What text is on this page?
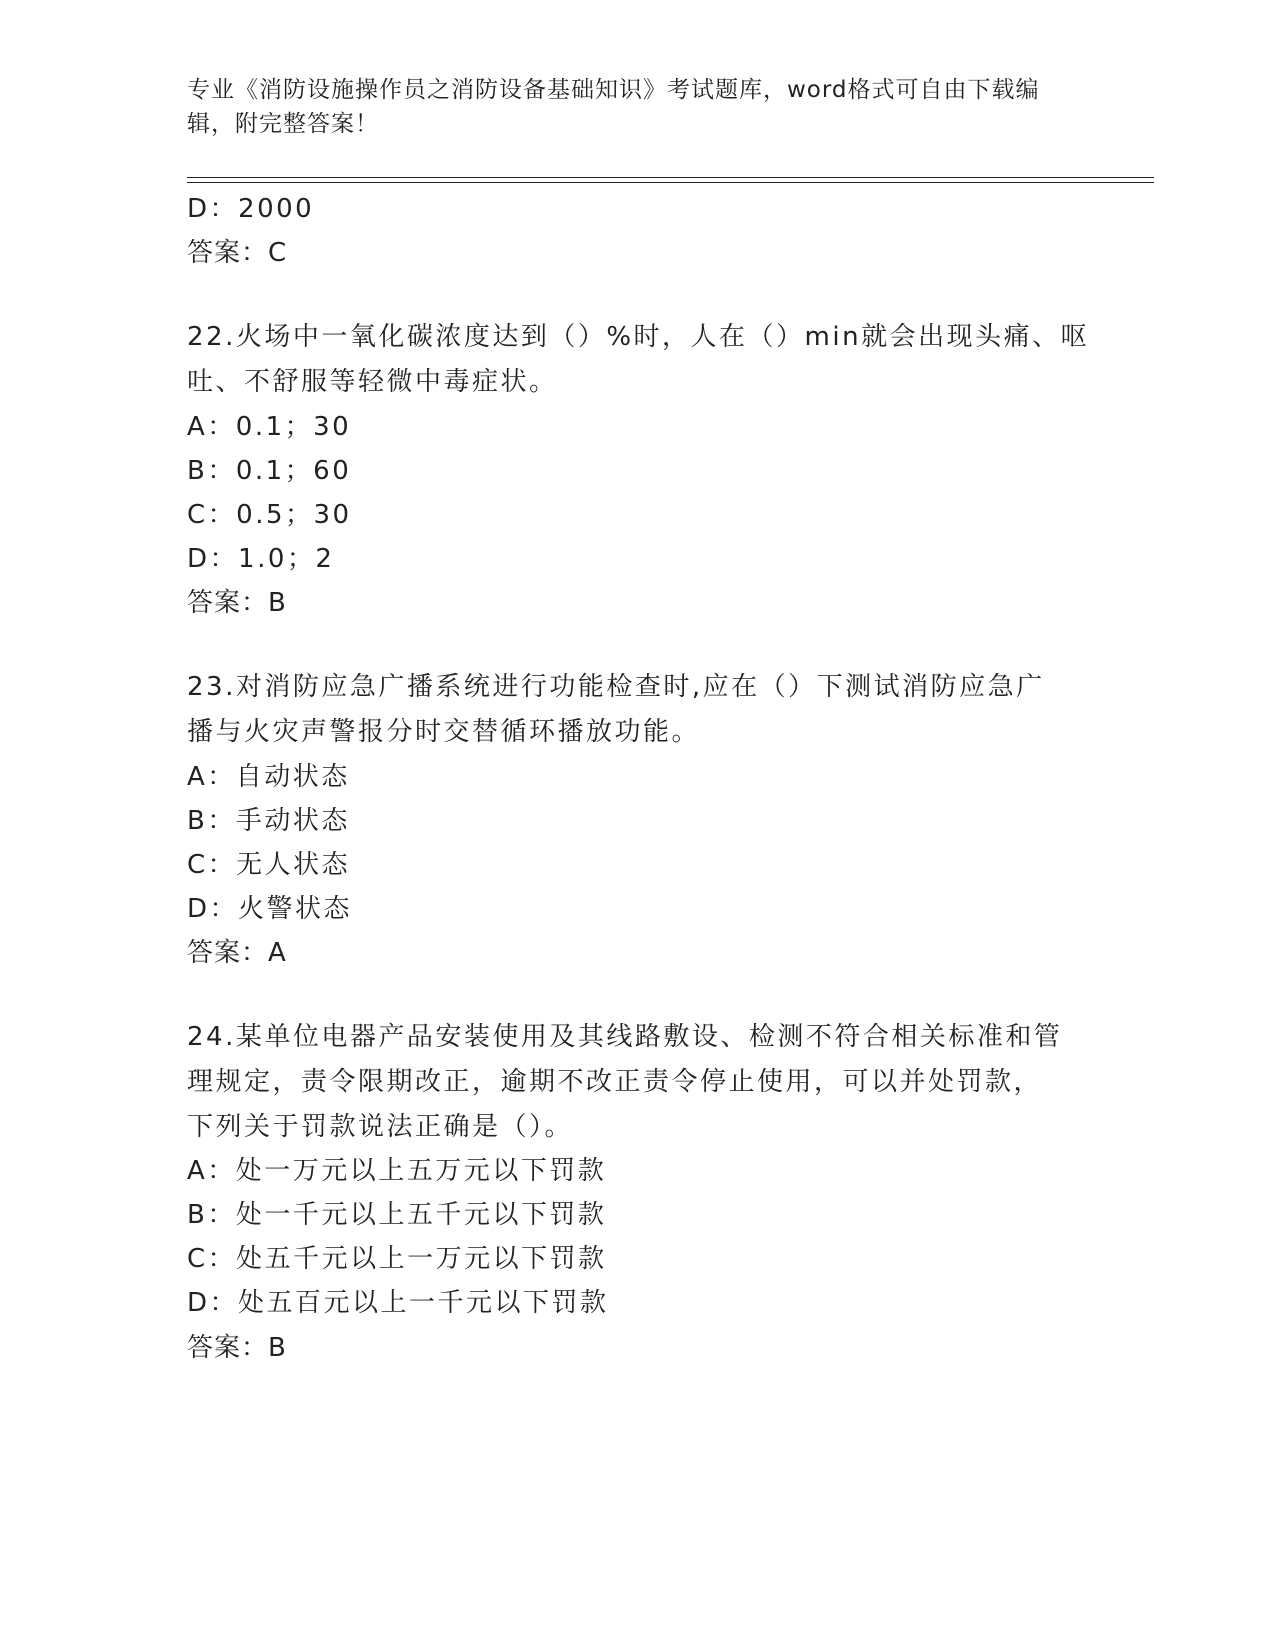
专业《消防设施操作员之消防设备基础知识》考试题库，word格式可自由下载编辑，附完整答案！
D：2000
答案：C
22.火场中一氧化碳浓度达到（）%时，人在（）min就会出现头痛、呕
吐、不舒服等轻微中毒症状。
A：0.1；30
B：0.1；60
C：0.5；30
D：1.0；2
答案：B
23.对消防应急广播系统进行功能检查时,应在（）下测试消防应急广
播与火灾声警报分时交替循环播放功能。
A：自动状态
B：手动状态
C：无人状态
D：火警状态
答案：A
24.某单位电器产品安装使用及其线路敷设、检测不符合相关标准和管
理规定，责令限期改正，逾期不改正责令停止使用，可以并处罚款，
下列关于罚款说法正确是（）。
A：处一万元以上五万元以下罚款
B：处一千元以上五千元以下罚款
C：处五千元以上一万元以下罚款
D：处五百元以上一千元以下罚款
答案：B
